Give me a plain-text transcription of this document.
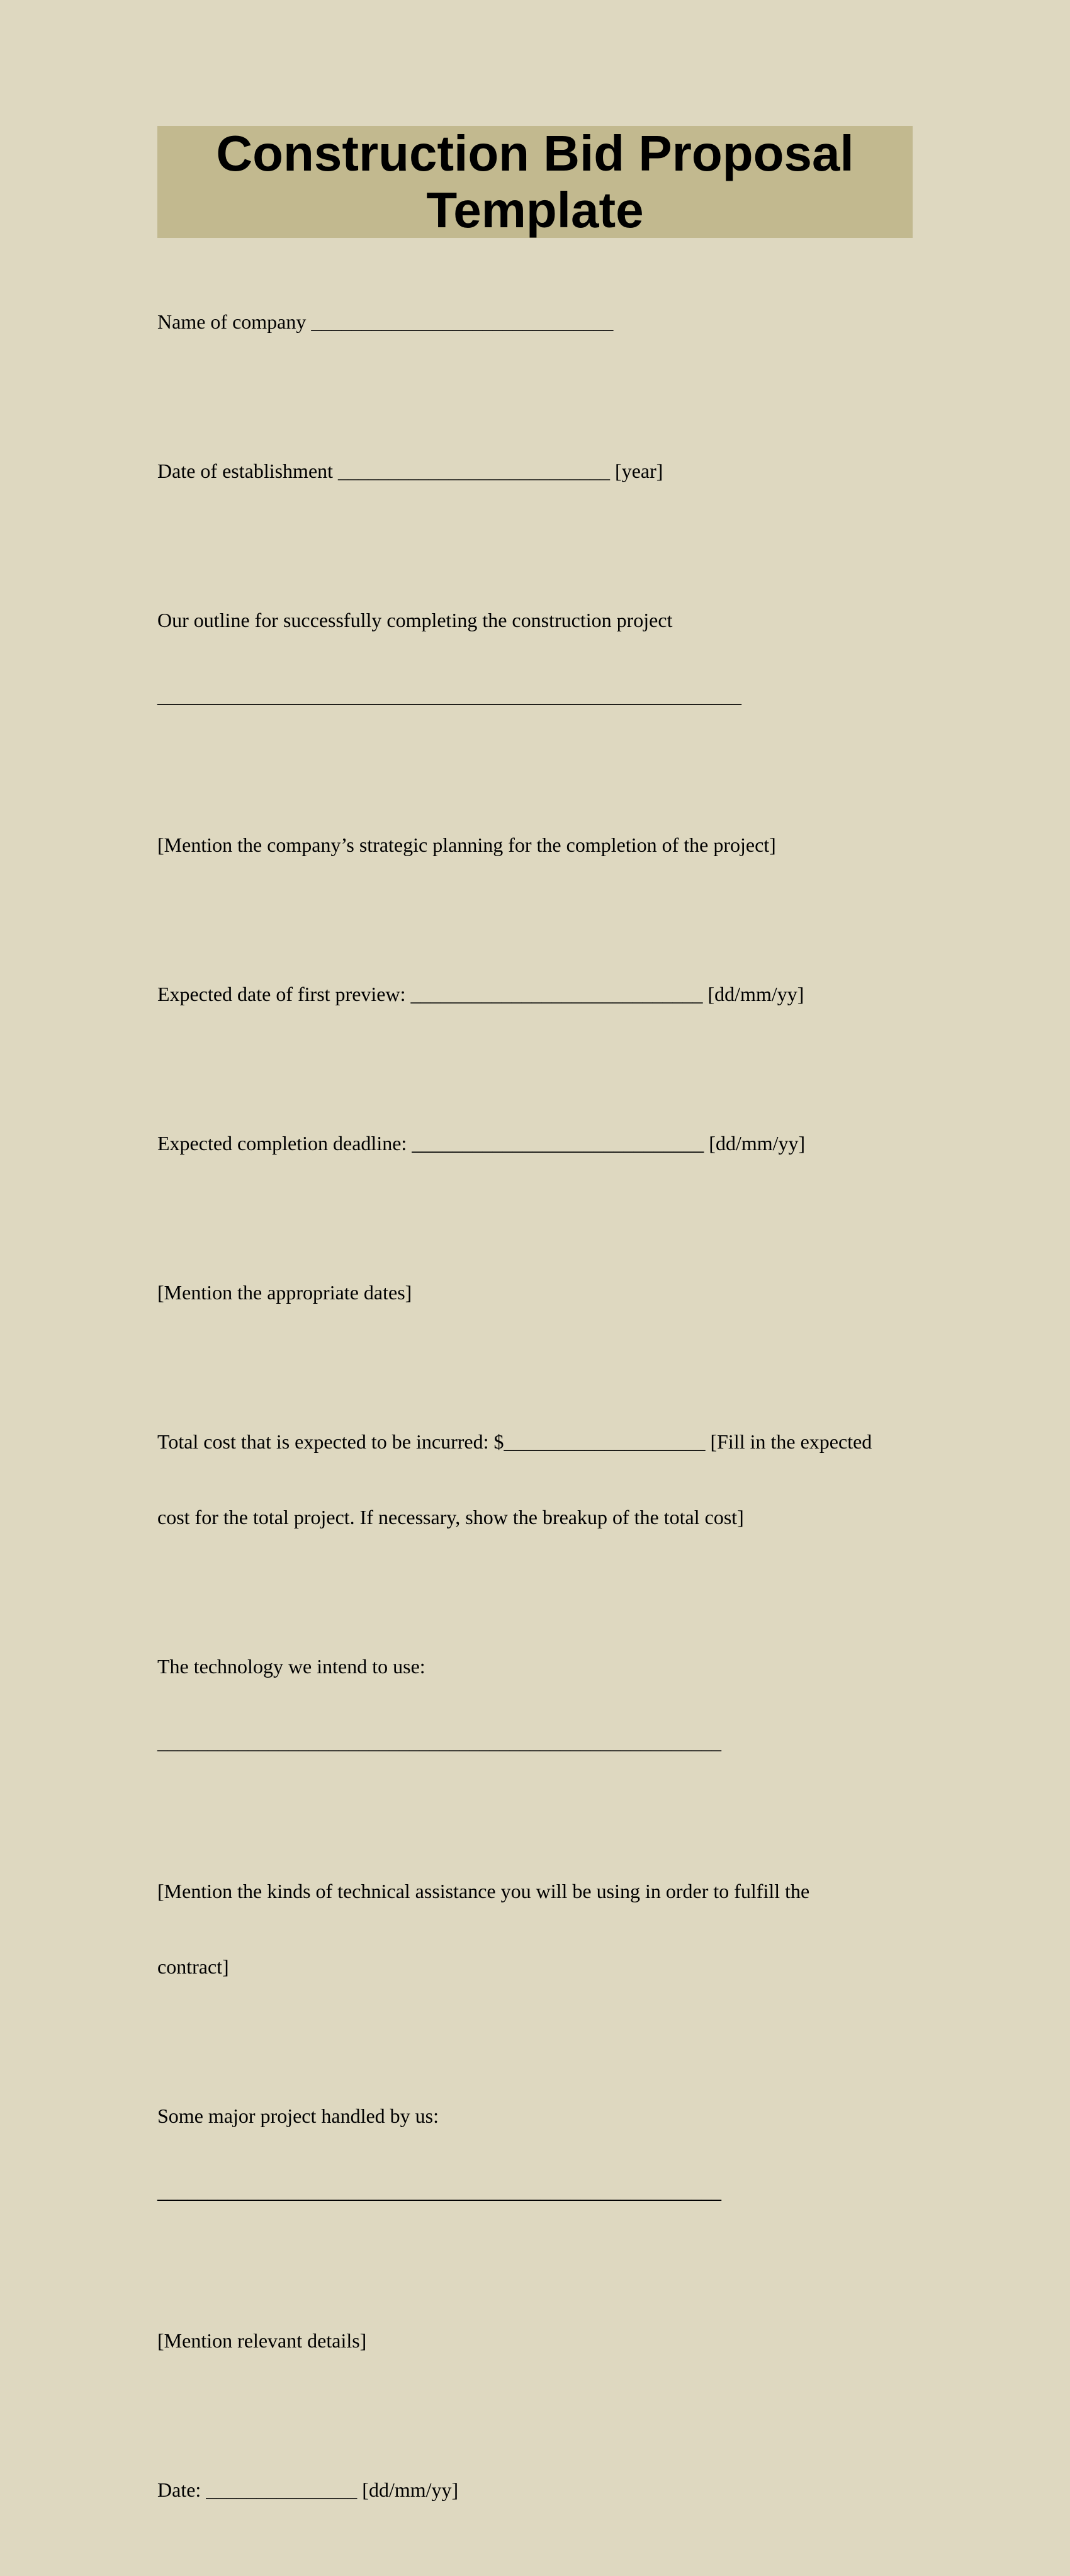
Construction Bid Proposal
Template

Name of company ______________________________

Date of establishment ___________________________ [year]

Our outline for successfully completing the construction project

__________________________________________________________

[Mention the company’s strategic planning for the completion of the project]

Expected date of first preview: _____________________________ [dd/mm/yy]

Expected completion deadline: _____________________________ [dd/mm/yy]

[Mention the appropriate dates]

Total cost that is expected to be incurred: $____________________ [Fill in the expected

cost for the total project. If necessary, show the breakup of the total cost]

The technology we intend to use:

________________________________________________________

[Mention the kinds of technical assistance you will be using in order to fulfill the

contract]

Some major project handled by us:

________________________________________________________

[Mention relevant details]

Date: _______________ [dd/mm/yy]
